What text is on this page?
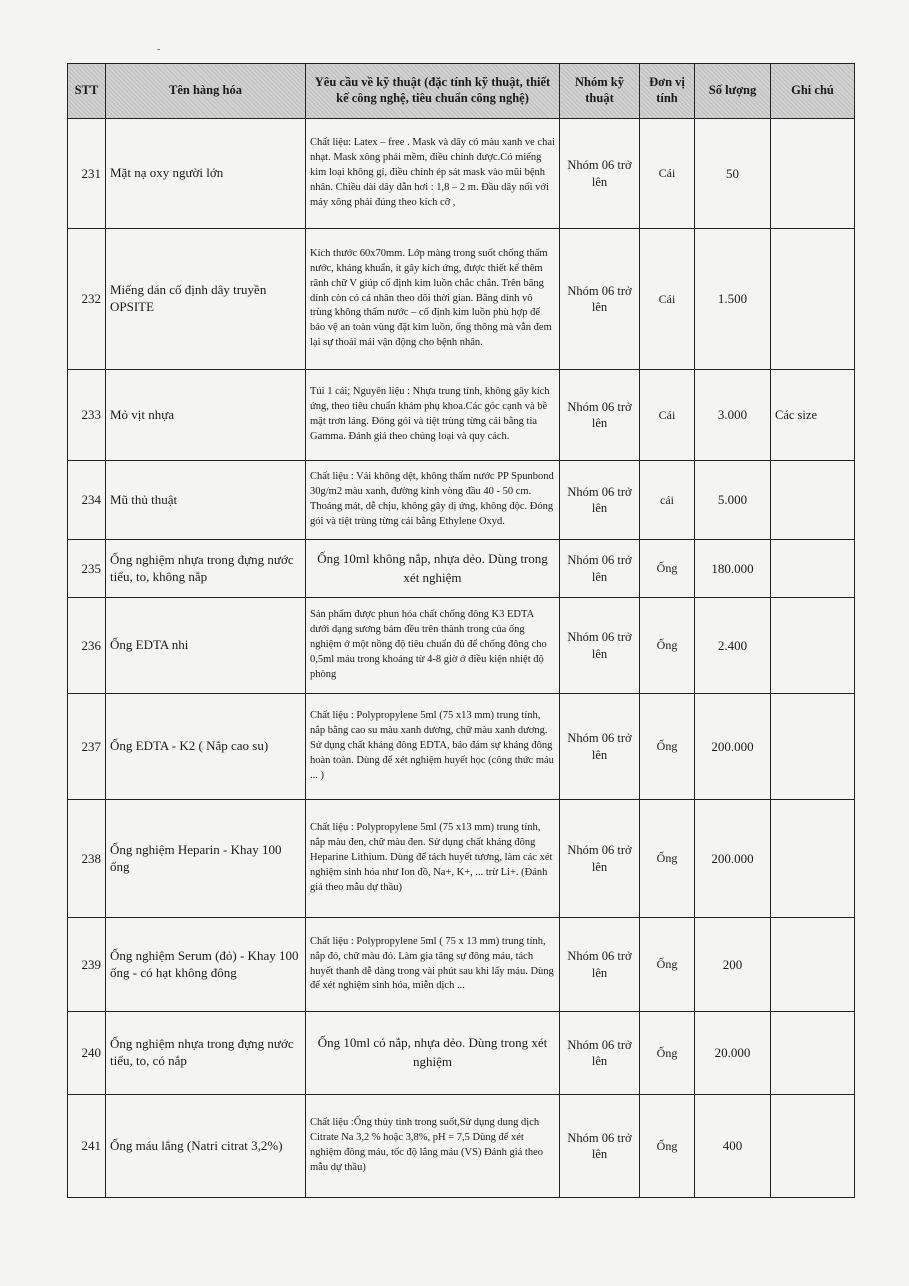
-
STT	Tên hàng hóa	Yêu cầu về kỹ thuật (đặc tính kỹ thuật, thiết kế công nghệ, tiêu chuẩn công nghệ)	Nhóm kỹ thuật	Đơn vị tính	Số lượng	Ghi chú
231	Mặt nạ oxy người lớn	Chất liệu: Latex – free . Mask và dây có màu xanh ve chai nhạt. Mask xông phải mềm, điều chỉnh được.Có miếng kim loại không gỉ, điều chỉnh ép sát mask vào mũi bệnh nhân. Chiều dài dây dẫn hơi : 1,8 – 2 m. Đầu dây nối với máy xông phải đúng theo kích cỡ ,	Nhóm 06 trở lên	Cái	50	
232	Miếng dán cố định dây truyền OPSITE	Kích thước 60x70mm. Lớp màng trong suốt chống thấm nước, kháng khuẩn, ít gây kích ứng, được thiết kế thêm rãnh chữ V giúp cố định kim luồn chắc chắn. Trên băng dính còn có cá nhân theo dõi thời gian. Băng dính vô trùng không thấm nước – cố định kim luồn phù hợp để bảo vệ an toàn vùng đặt kim luồn, ống thông mà vẫn đem lại sự thoải mái vận động cho bệnh nhân.	Nhóm 06 trở lên	Cái	1.500	
233	Mỏ vịt nhựa	Túi 1 cái; Nguyên liệu : Nhựa trung tính, không gây kích ứng, theo tiêu chuẩn khám phụ khoa.Các góc cạnh và bề mặt trơn láng. Đóng gói và tiệt trùng từng cái bằng tia Gamma. Đánh giá theo chủng loại và quy cách.	Nhóm 06 trở lên	Cái	3.000	Các size
234	Mũ thủ thuật	Chất liệu : Vải không dệt, không thấm nước PP Spunbond 30g/m2 màu xanh, đường kính vòng đầu 40 - 50 cm. Thoáng mát, dễ chịu, không gây dị ứng, không độc. Đóng gói và tiệt trùng từng cái bằng Ethylene Oxyd.	Nhóm 06 trở lên	cái	5.000	
235	Ống nghiệm nhựa trong đựng nước tiểu, to, không nắp	Ống 10ml không nắp, nhựa dẻo. Dùng trong xét nghiệm	Nhóm 06 trở lên	Ống	180.000	
236	Ống EDTA nhi	Sản phẩm được phun hóa chất chống đông K3 EDTA dưới dạng sương bám đều trên thành trong của ống nghiệm ở một nồng độ tiêu chuẩn đủ để chống đông cho 0,5ml máu trong khoảng từ 4-8 giờ ở điều kiện nhiệt độ phòng	Nhóm 06 trở lên	Ống	2.400	
237	Ống EDTA - K2 ( Nắp cao su)	Chất liệu : Polypropylene 5ml (75 x13 mm) trung tính, nắp bằng cao su màu xanh dương, chữ màu xanh dương. Sử dụng chất kháng đông EDTA, bảo đảm sự kháng đông hoàn toàn. Dùng để xét nghiệm huyết học (công thức máu ... )	Nhóm 06 trở lên	Ống	200.000	
238	Ống nghiệm Heparin - Khay 100 ống	Chất liệu : Polypropylene 5ml (75 x13 mm) trung tính, nắp màu đen, chữ màu đen. Sử dụng chất kháng đông Heparine Lithium. Dùng để tách huyết tương, làm các xét nghiệm sinh hóa như Ion đồ, Na+, K+, ... trừ Li+. (Đánh giá theo mẫu dự thầu)	Nhóm 06 trở lên	Ống	200.000	
239	Ống nghiệm Serum (đỏ) - Khay 100 ống - có hạt không đông	Chất liệu : Polypropylene 5ml ( 75 x 13 mm) trung tính, nắp đỏ, chữ màu đỏ. Làm gia tăng sự đông máu, tách huyết thanh dễ dàng trong vài phút sau khi lấy máu. Dùng để xét nghiệm sinh hóa, miễn dịch ...	Nhóm 06 trở lên	Ống	200	
240	Ống nghiệm nhựa trong đựng nước tiểu, to, có nắp	Ống 10ml có nắp, nhựa dẻo. Dùng trong xét nghiệm	Nhóm 06 trở lên	Ống	20.000	
241	Ống máu lắng (Natri citrat 3,2%)	Chất liệu :Ống thủy tinh trong suốt,Sử dụng dung dịch Citrate Na 3,2 % hoặc 3,8%, pH = 7,5 Dùng để xét nghiệm đông máu, tốc độ lắng máu (VS) Đánh giá theo mẫu dự thầu)	Nhóm 06 trở lên	Ống	400	
